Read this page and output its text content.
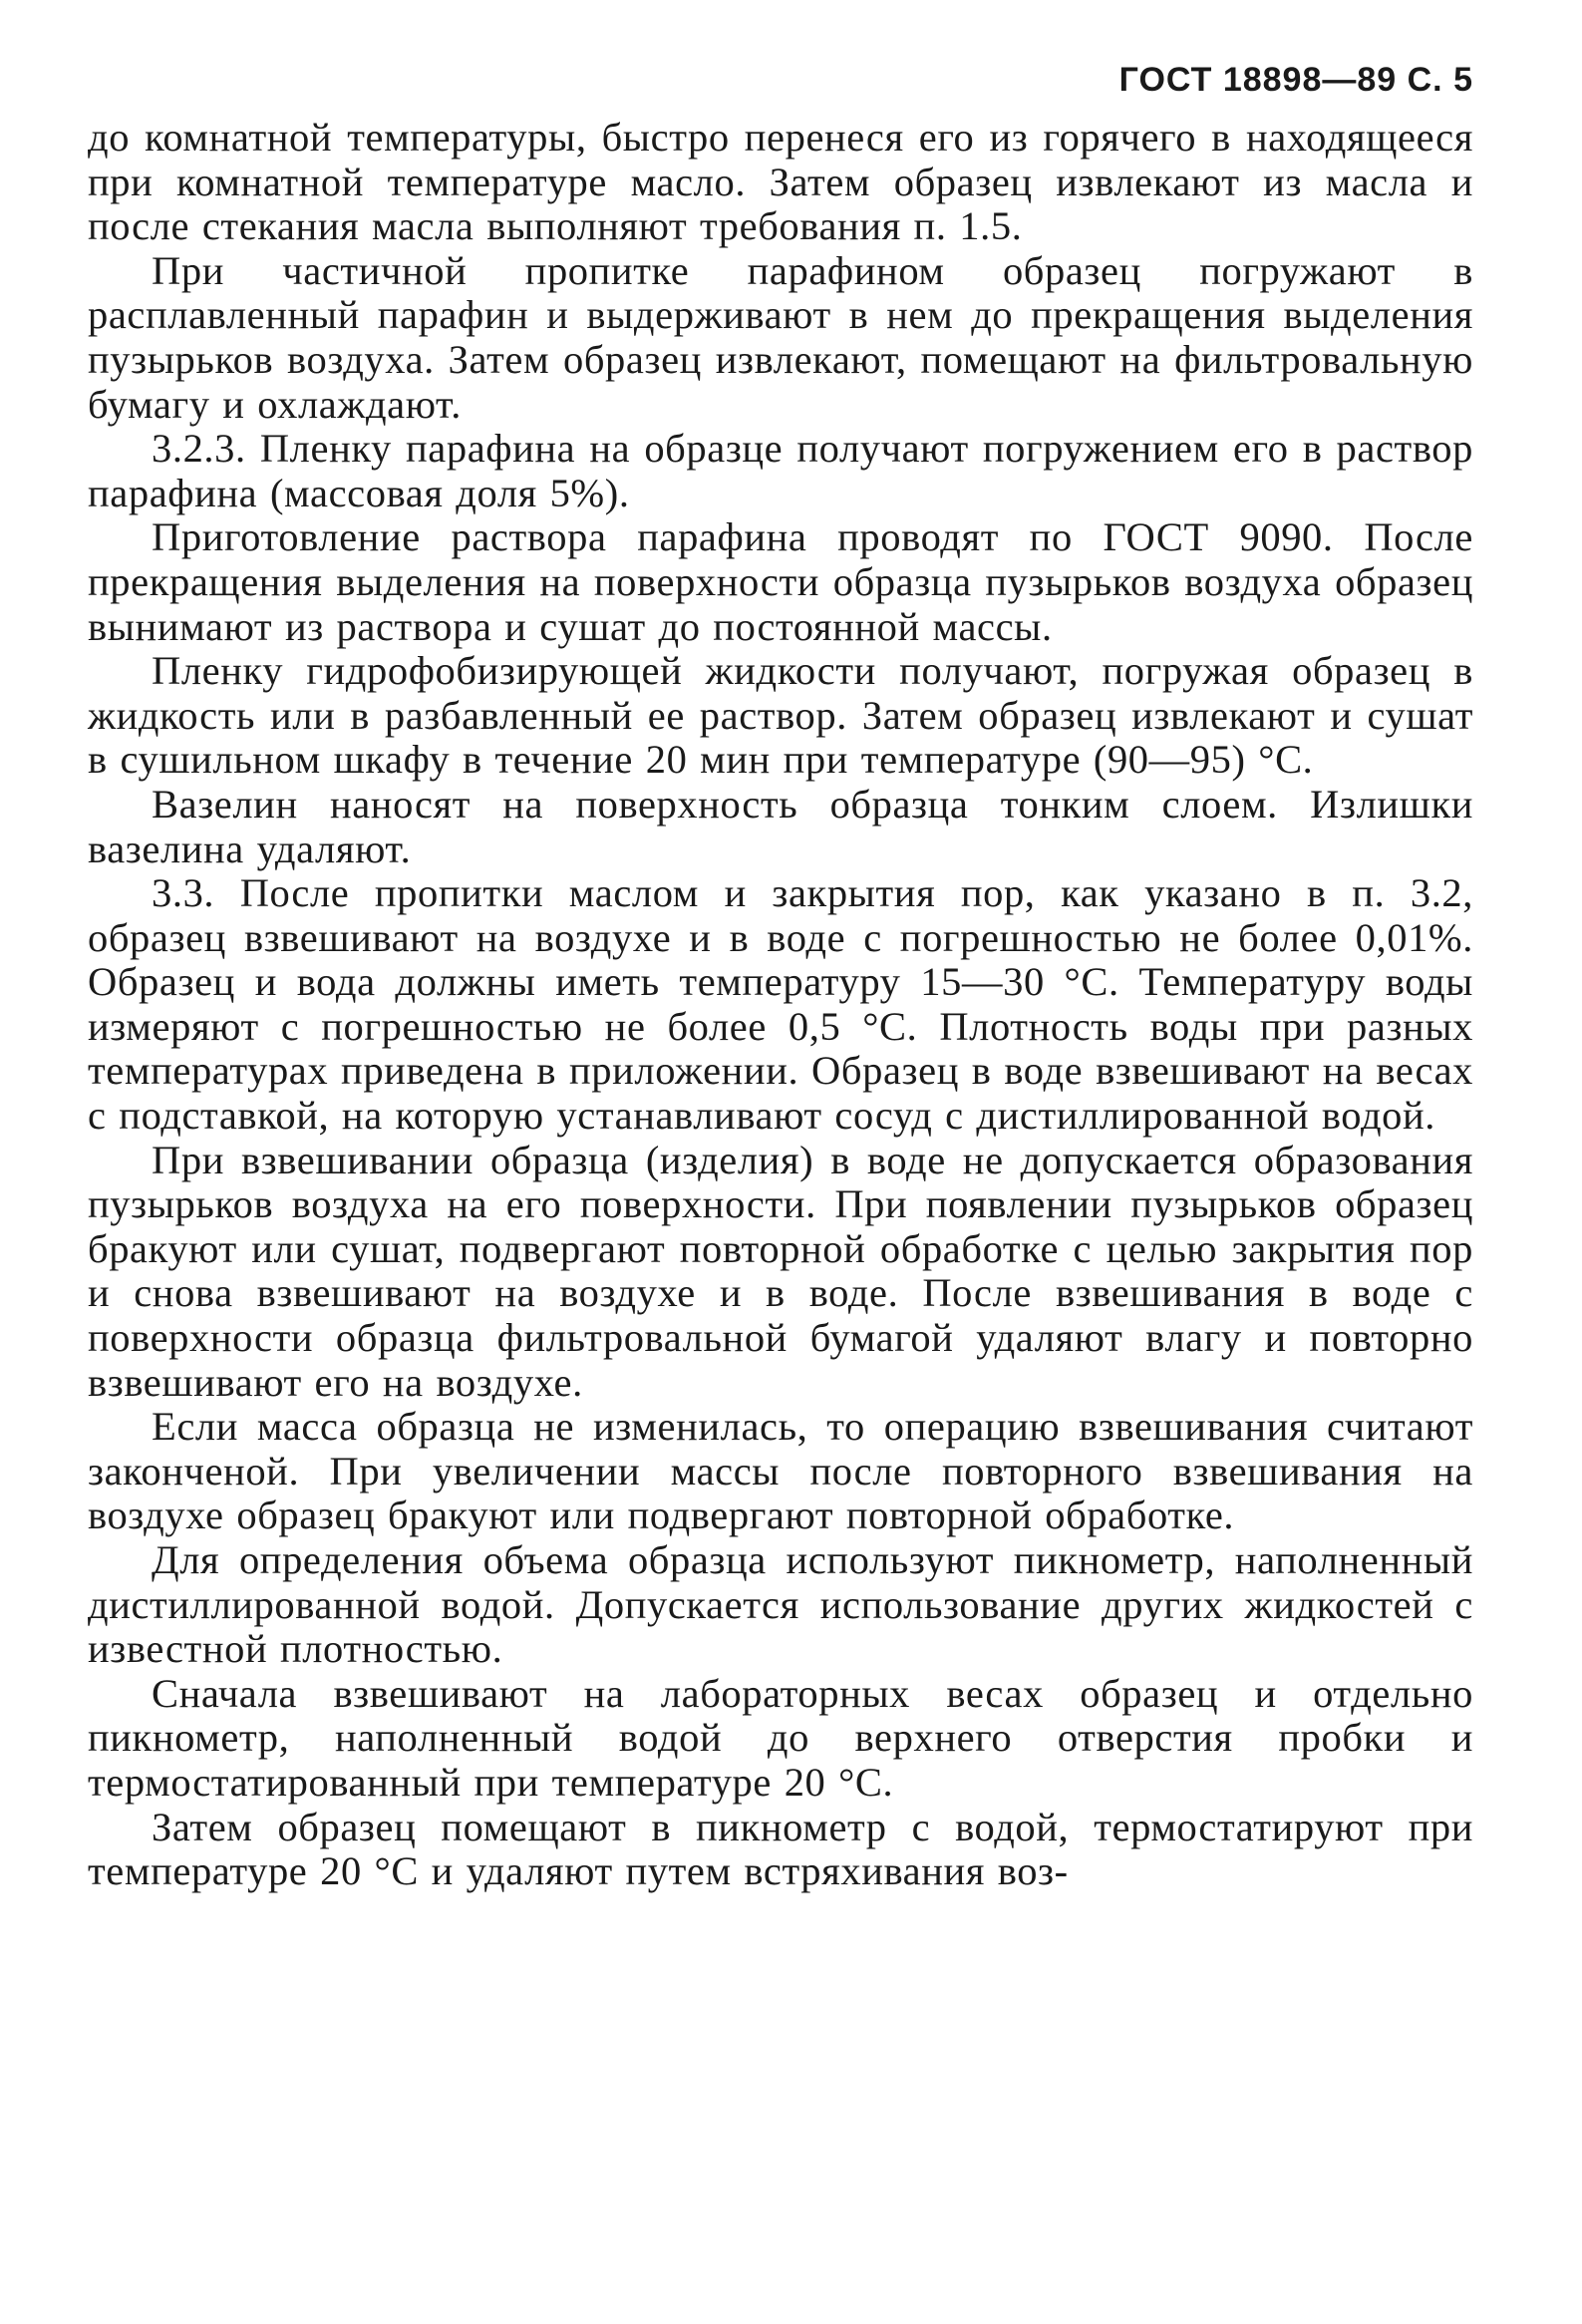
ГОСТ 18898—89 С. 5

до комнатной температуры, быстро перенеся его из горячего в находящееся при комнатной температуре масло. Затем образец извлекают из масла и после стекания масла выполняют требования п. 1.5.

При частичной пропитке парафином образец погружают в расплавленный парафин и выдерживают в нем до прекращения выделения пузырьков воздуха. Затем образец извлекают, помещают на фильтровальную бумагу и охлаждают.

3.2.3. Пленку парафина на образце получают погружением его в раствор парафина (массовая доля 5%).

Приготовление раствора парафина проводят по ГОСТ 9090. После прекращения выделения на поверхности образца пузырьков воздуха образец вынимают из раствора и сушат до постоянной массы.

Пленку гидрофобизирующей жидкости получают, погружая образец в жидкость или в разбавленный ее раствор. Затем образец извлекают и сушат в сушильном шкафу в течение 20 мин при температуре (90—95) °С.

Вазелин наносят на поверхность образца тонким слоем. Излишки вазелина удаляют.

3.3. После пропитки маслом и закрытия пор, как указано в п. 3.2, образец взвешивают на воздухе и в воде с погрешностью не более 0,01%. Образец и вода должны иметь температуру 15—30 °С. Температуру воды измеряют с погрешностью не более 0,5 °С. Плотность воды при разных температурах приведена в приложении. Образец в воде взвешивают на весах с подставкой, на которую устанавливают сосуд с дистиллированной водой.

При взвешивании образца (изделия) в воде не допускается образования пузырьков воздуха на его поверхности. При появлении пузырьков образец бракуют или сушат, подвергают повторной обработке с целью закрытия пор и снова взвешивают на воздухе и в воде. После взвешивания в воде с поверхности образца фильтровальной бумагой удаляют влагу и повторно взвешивают его на воздухе.

Если масса образца не изменилась, то операцию взвешивания считают законченой. При увеличении массы после повторного взвешивания на воздухе образец бракуют или подвергают повторной обработке.

Для определения объема образца используют пикнометр, наполненный дистиллированной водой. Допускается использование других жидкостей с известной плотностью.

Сначала взвешивают на лабораторных весах образец и отдельно пикнометр, наполненный водой до верхнего отверстия пробки и термостатированный при температуре 20 °С.

Затем образец помещают в пикнометр с водой, термостатируют при температуре 20 °С и удаляют путем встряхивания воз-
